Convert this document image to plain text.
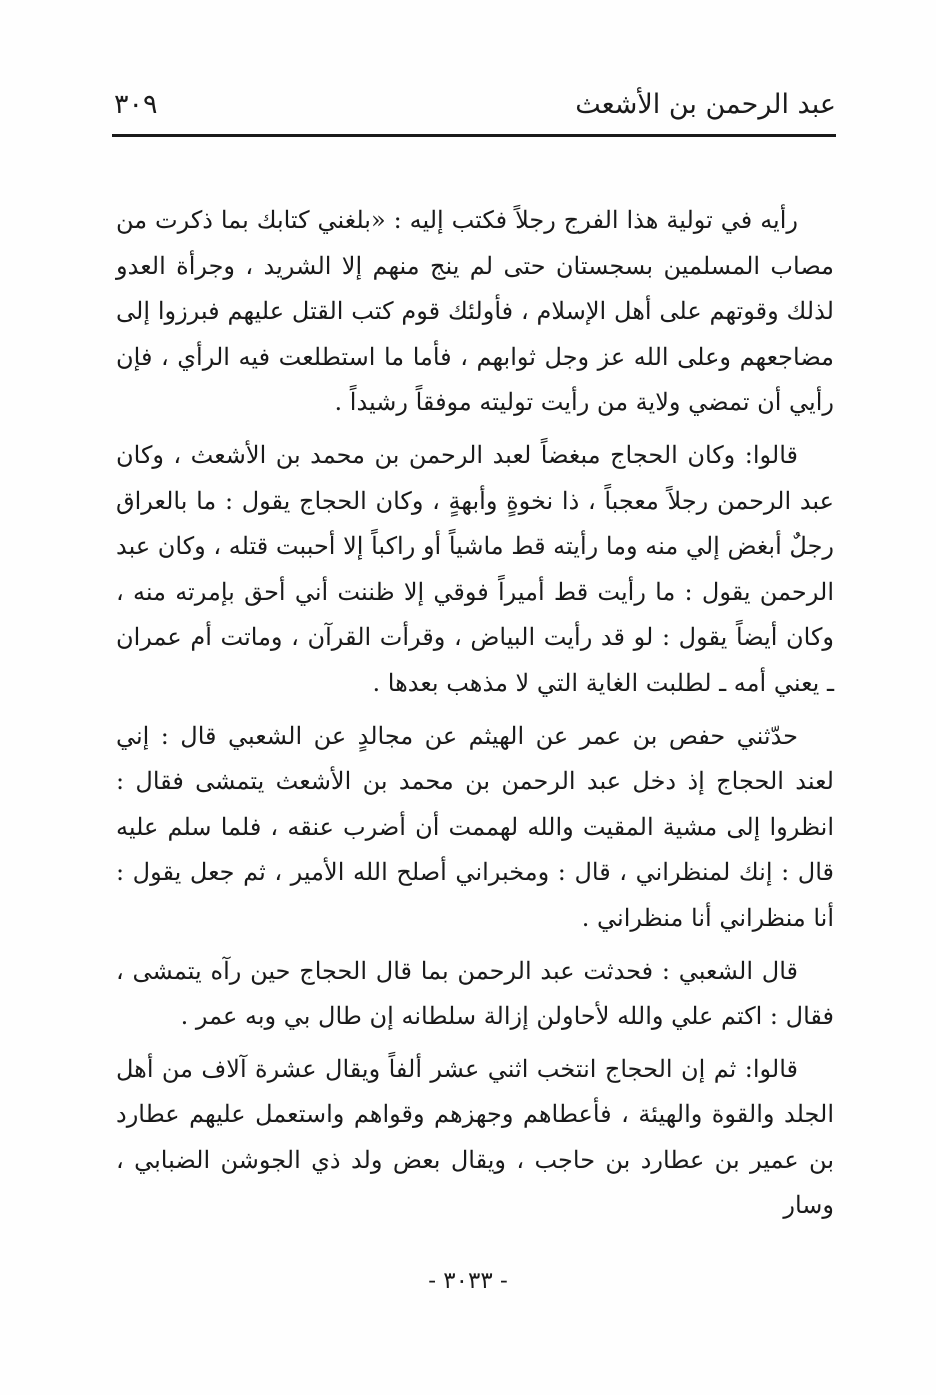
عبد الرحمن بن الأشعث
٣٠٩

رأيه في تولية هذا الفرج رجلاً فكتب إليه : «بلغني كتابك بما ذكرت من مصاب المسلمين بسجستان حتى لم ينج منهم إلا الشريد ، وجرأة العدو لذلك وقوتهم على أهل الإسلام ، فأولئك قوم كتب القتل عليهم فبرزوا إلى مضاجعهم وعلى الله عز وجل ثوابهم ، فأما ما استطلعت فيه الرأي ، فإن رأيي أن تمضي ولاية من رأيت توليته موفقاً رشيداً .

قالوا: وكان الحجاج مبغضاً لعبد الرحمن بن محمد بن الأشعث ، وكان عبد الرحمن رجلاً معجباً ، ذا نخوةٍ وأبهةٍ ، وكان الحجاج يقول : ما بالعراق رجلٌ أبغض إلي منه وما رأيته قط ماشياً أو راكباً إلا أحببت قتله ، وكان عبد الرحمن يقول : ما رأيت قط أميراً فوقي إلا ظننت أني أحق بإمرته منه ، وكان أيضاً يقول : لو قد رأيت البياض ، وقرأت القرآن ، وماتت أم عمران ـ يعني أمه ـ لطلبت الغاية التي لا مذهب بعدها .

حدّثني حفص بن عمر عن الهيثم عن مجالدٍ عن الشعبي قال : إني لعند الحجاج إذ دخل عبد الرحمن بن محمد بن الأشعث يتمشى فقال : انظروا إلى مشية المقيت والله لهممت أن أضرب عنقه ، فلما سلم عليه قال : إنك لمنظراني ، قال : ومخبراني أصلح الله الأمير ، ثم جعل يقول : أنا منظراني أنا منظراني .

قال الشعبي : فحدثت عبد الرحمن بما قال الحجاج حين رآه يتمشى ، فقال : اكتم علي والله لأحاولن إزالة سلطانه إن طال بي وبه عمر .

قالوا: ثم إن الحجاج انتخب اثني عشر ألفاً ويقال عشرة آلاف من أهل الجلد والقوة والهيئة ، فأعطاهم وجهزهم وقواهم واستعمل عليهم عطارد بن عمير بن عطارد بن حاجب ، ويقال بعض ولد ذي الجوشن الضبابي ، وسار

- ٣٠٣٣ -
